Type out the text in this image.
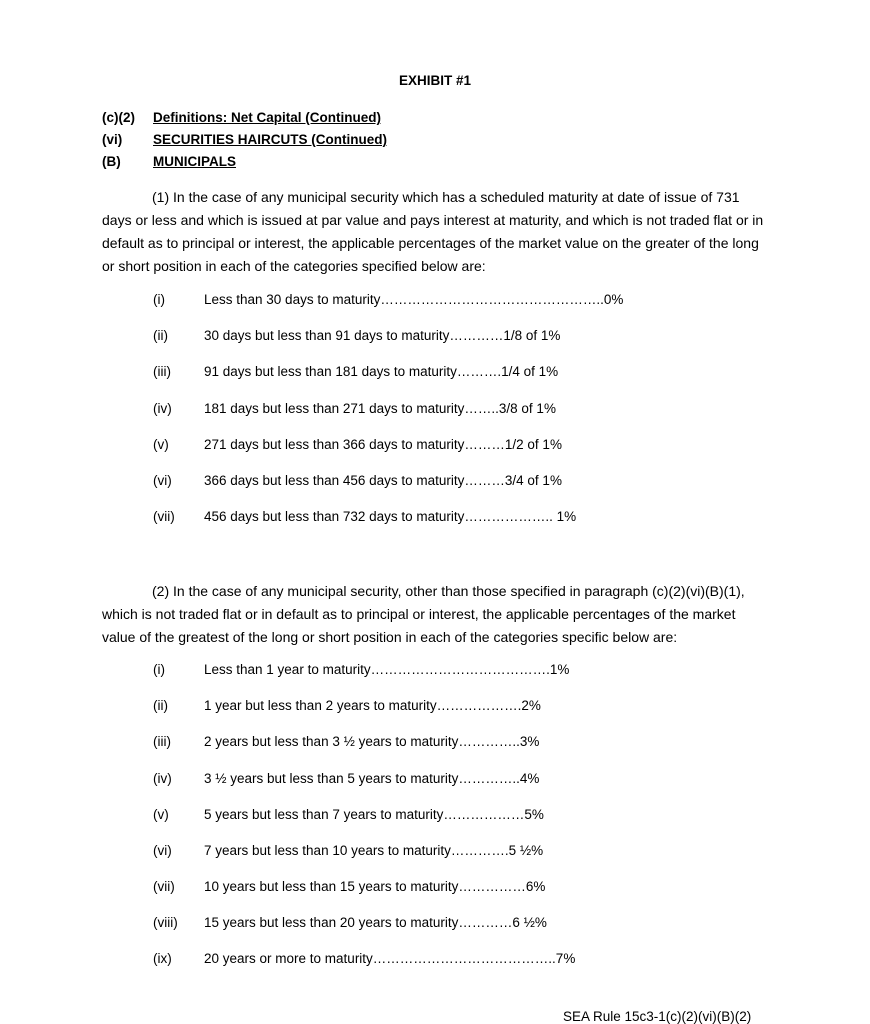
EXHIBIT #1
(c)(2) Definitions: Net Capital (Continued)
(vi) SECURITIES HAIRCUTS (Continued)
(B) MUNICIPALS

(1) In the case of any municipal security which has a scheduled maturity at date of issue of 731 days or less and which is issued at par value and pays interest at maturity, and which is not traded flat or in default as to principal or interest, the applicable percentages of the market value on the greater of the long or short position in each of the categories specified below are:

(i)	Less than 30 days to maturity…………………………………………..0%
(ii)	30 days but less than 91 days to maturity…………1/8 of 1%
(iii) 91 days but less than 181 days to maturity……….1/4 of 1%
(iv) 181 days but less than 271 days to maturity……..3/8 of 1%
(v)	271 days but less than 366 days to maturity………1/2 of 1%
(vi) 366 days but less than 456 days to maturity………3/4 of 1%
(vii) 456 days but less than 732 days to maturity……………….. 1%

(2) In the case of any municipal security, other than those specified in paragraph (c)(2)(vi)(B)(1), which is not traded flat or in default as to principal or interest, the applicable percentages of the market value of the greatest of the long or short position in each of the categories specific below are:

(i)	Less than 1 year to maturity………………………………….1%
(ii)	1 year but less than 2 years to maturity……………….2%
(iii) 2 years but less than 3 ½ years to maturity…………..3%
(iv) 3 ½ years but less than 5 years to maturity…………..4%
(v)	5 years but less than 7 years to maturity………………5%
(vi) 7 years but less than 10 years to maturity………….5 ½%
(vii) 10 years but less than 15 years to maturity……………6%
(viii) 15 years but less than 20 years to maturity…………6 ½%
(ix) 20 years or more to maturity…………………………………..7%
SEA Rule 15c3-1(c)(2)(vi)(B)(2)
